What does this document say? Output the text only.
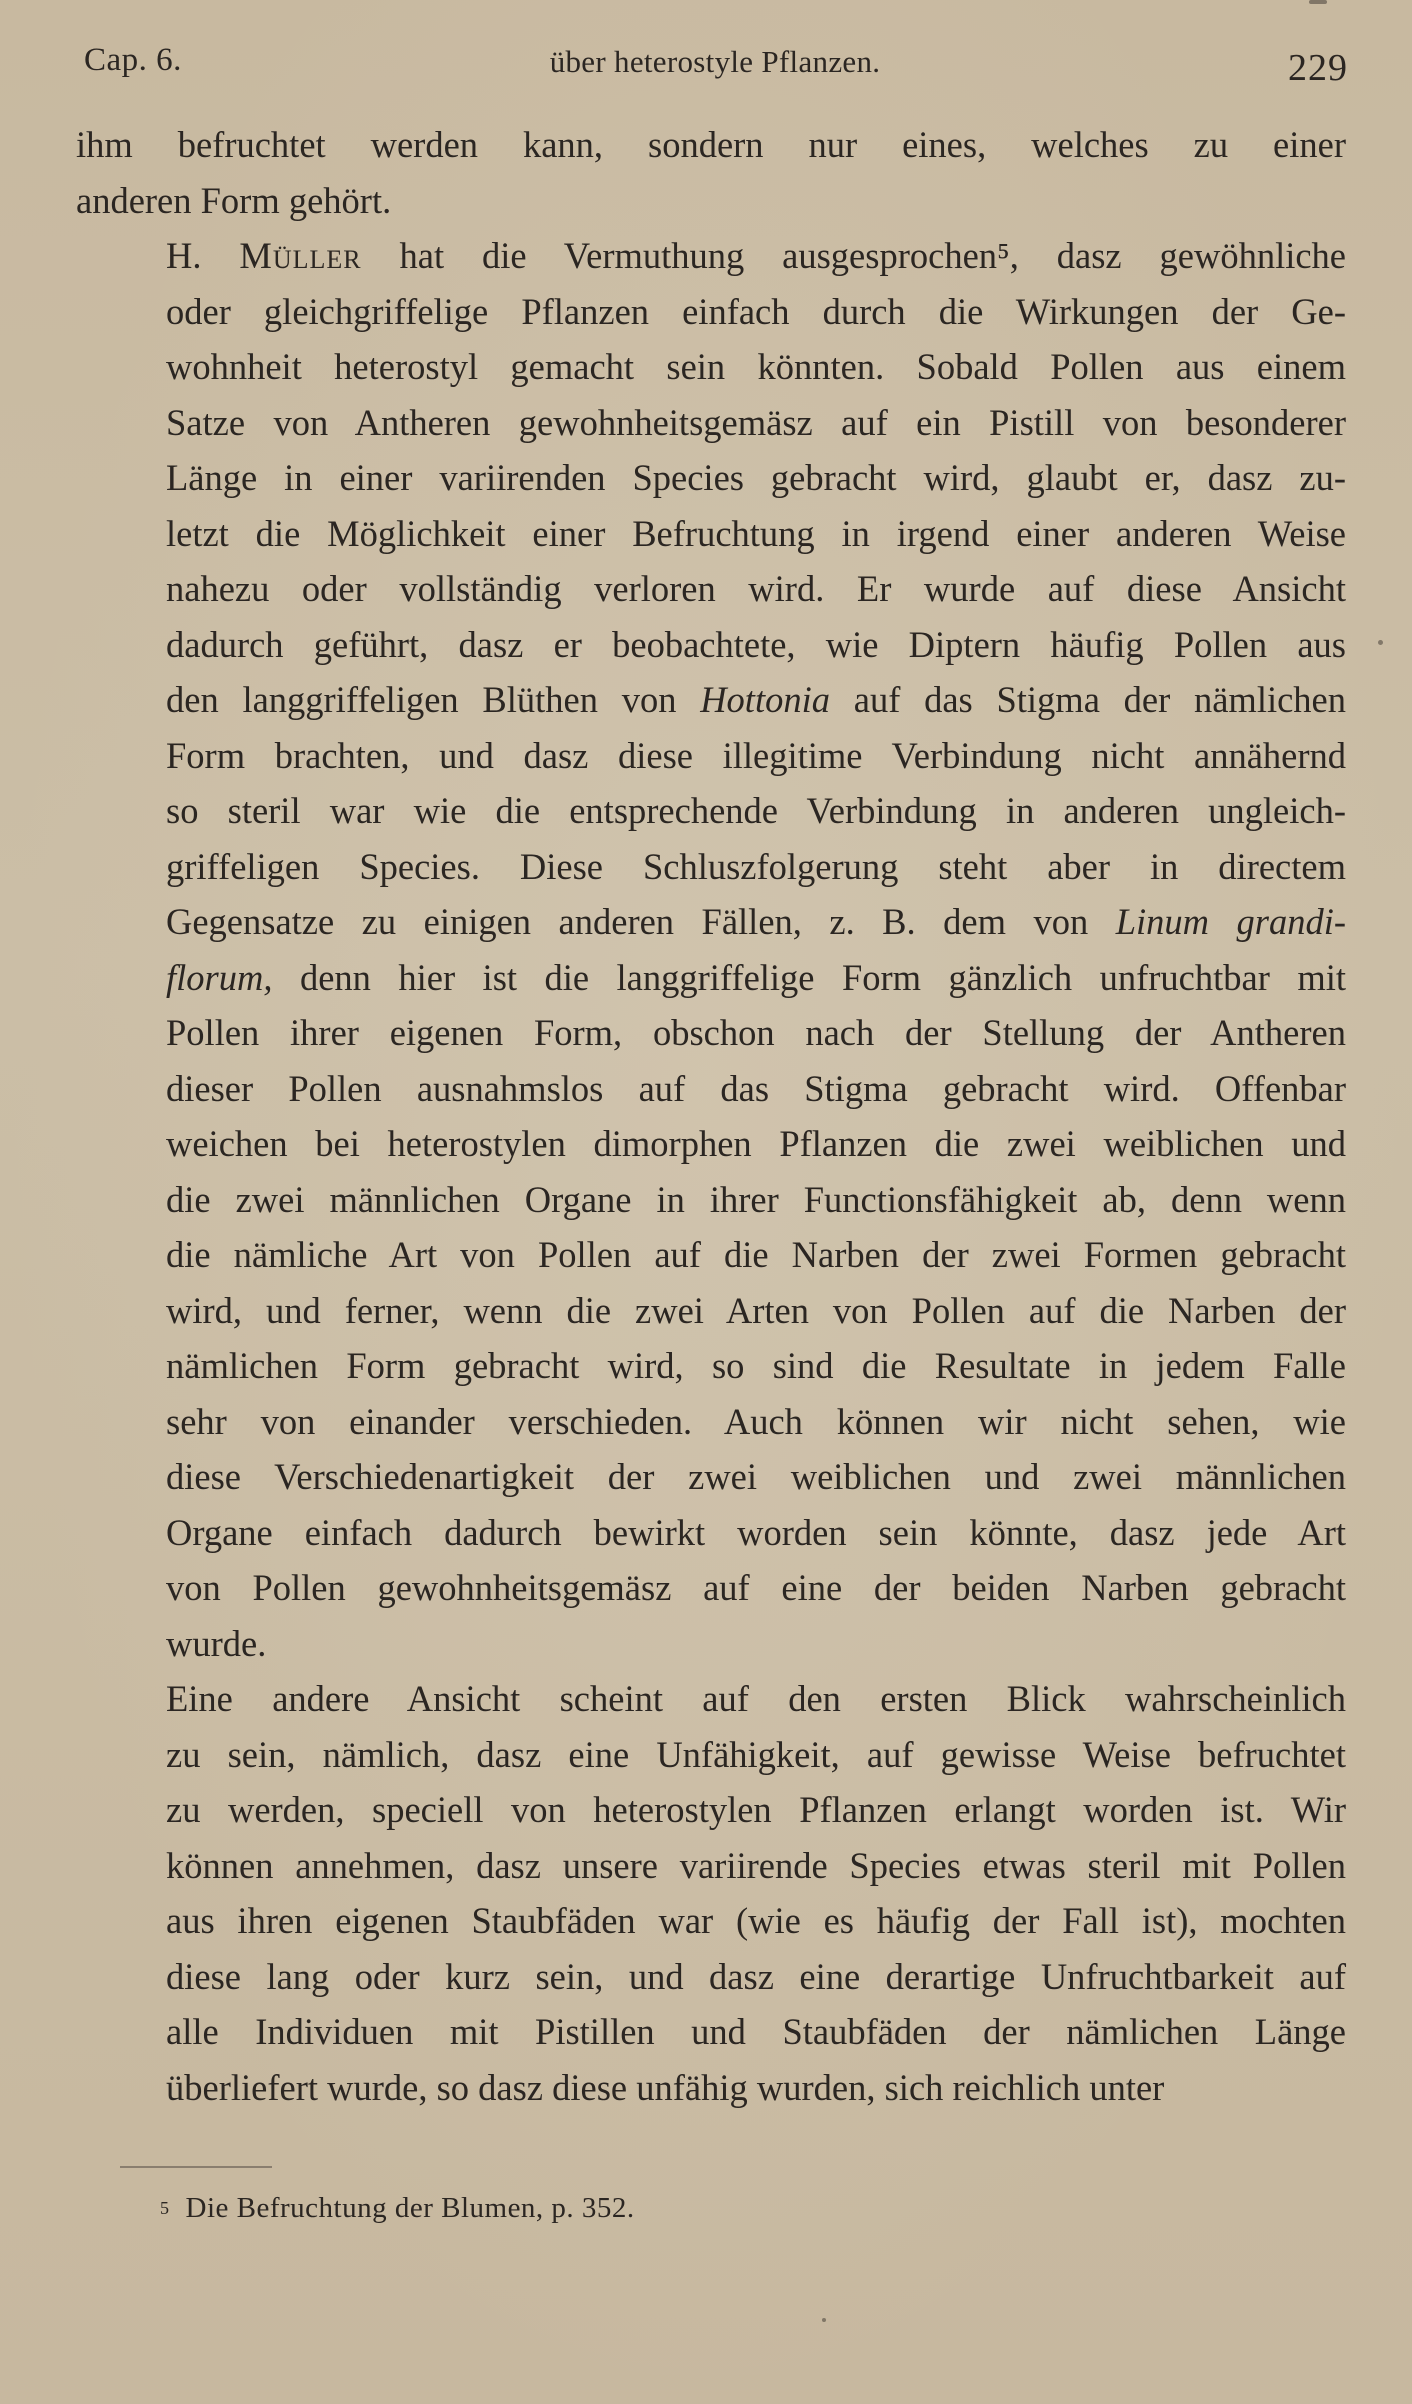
Cap. 6.	über heterostyle Pflanzen.	229

ihm befruchtet werden kann, sondern nur eines, welches zu einer
anderen Form gehört.

H. Müller hat die Vermuthung ausgesprochen⁵, dasz gewöhnliche
oder gleichgriffelige Pflanzen einfach durch die Wirkungen der Ge-
wohnheit heterostyl gemacht sein könnten. Sobald Pollen aus einem
Satze von Antheren gewohnheitsgemäsz auf ein Pistill von besonderer
Länge in einer variirenden Species gebracht wird, glaubt er, dasz zu-
letzt die Möglichkeit einer Befruchtung in irgend einer anderen Weise
nahezu oder vollständig verloren wird. Er wurde auf diese Ansicht
dadurch geführt, dasz er beobachtete, wie Diptern häufig Pollen aus
den langgriffeligen Blüthen von Hottonia auf das Stigma der nämlichen
Form brachten, und dasz diese illegitime Verbindung nicht annähernd
so steril war wie die entsprechende Verbindung in anderen ungleich-
griffeligen Species. Diese Schluszfolgerung steht aber in directem
Gegensatze zu einigen anderen Fällen, z. B. dem von Linum grandi-
florum, denn hier ist die langgriffelige Form gänzlich unfruchtbar mit
Pollen ihrer eigenen Form, obschon nach der Stellung der Antheren
dieser Pollen ausnahmslos auf das Stigma gebracht wird. Offenbar
weichen bei heterostylen dimorphen Pflanzen die zwei weiblichen und
die zwei männlichen Organe in ihrer Functionsfähigkeit ab, denn wenn
die nämliche Art von Pollen auf die Narben der zwei Formen gebracht
wird, und ferner, wenn die zwei Arten von Pollen auf die Narben der
nämlichen Form gebracht wird, so sind die Resultate in jedem Falle
sehr von einander verschieden. Auch können wir nicht sehen, wie
diese Verschiedenartigkeit der zwei weiblichen und zwei männlichen
Organe einfach dadurch bewirkt worden sein könnte, dasz jede Art
von Pollen gewohnheitsgemäsz auf eine der beiden Narben gebracht
wurde.

Eine andere Ansicht scheint auf den ersten Blick wahrscheinlich
zu sein, nämlich, dasz eine Unfähigkeit, auf gewisse Weise befruchtet
zu werden, speciell von heterostylen Pflanzen erlangt worden ist. Wir
können annehmen, dasz unsere variirende Species etwas steril mit Pollen
aus ihren eigenen Staubfäden war (wie es häufig der Fall ist), mochten
diese lang oder kurz sein, und dasz eine derartige Unfruchtbarkeit auf
alle Individuen mit Pistillen und Staubfäden der nämlichen Länge
überliefert wurde, so dasz diese unfähig wurden, sich reichlich unter

$^5$ Die Befruchtung der Blumen, p. 352.
